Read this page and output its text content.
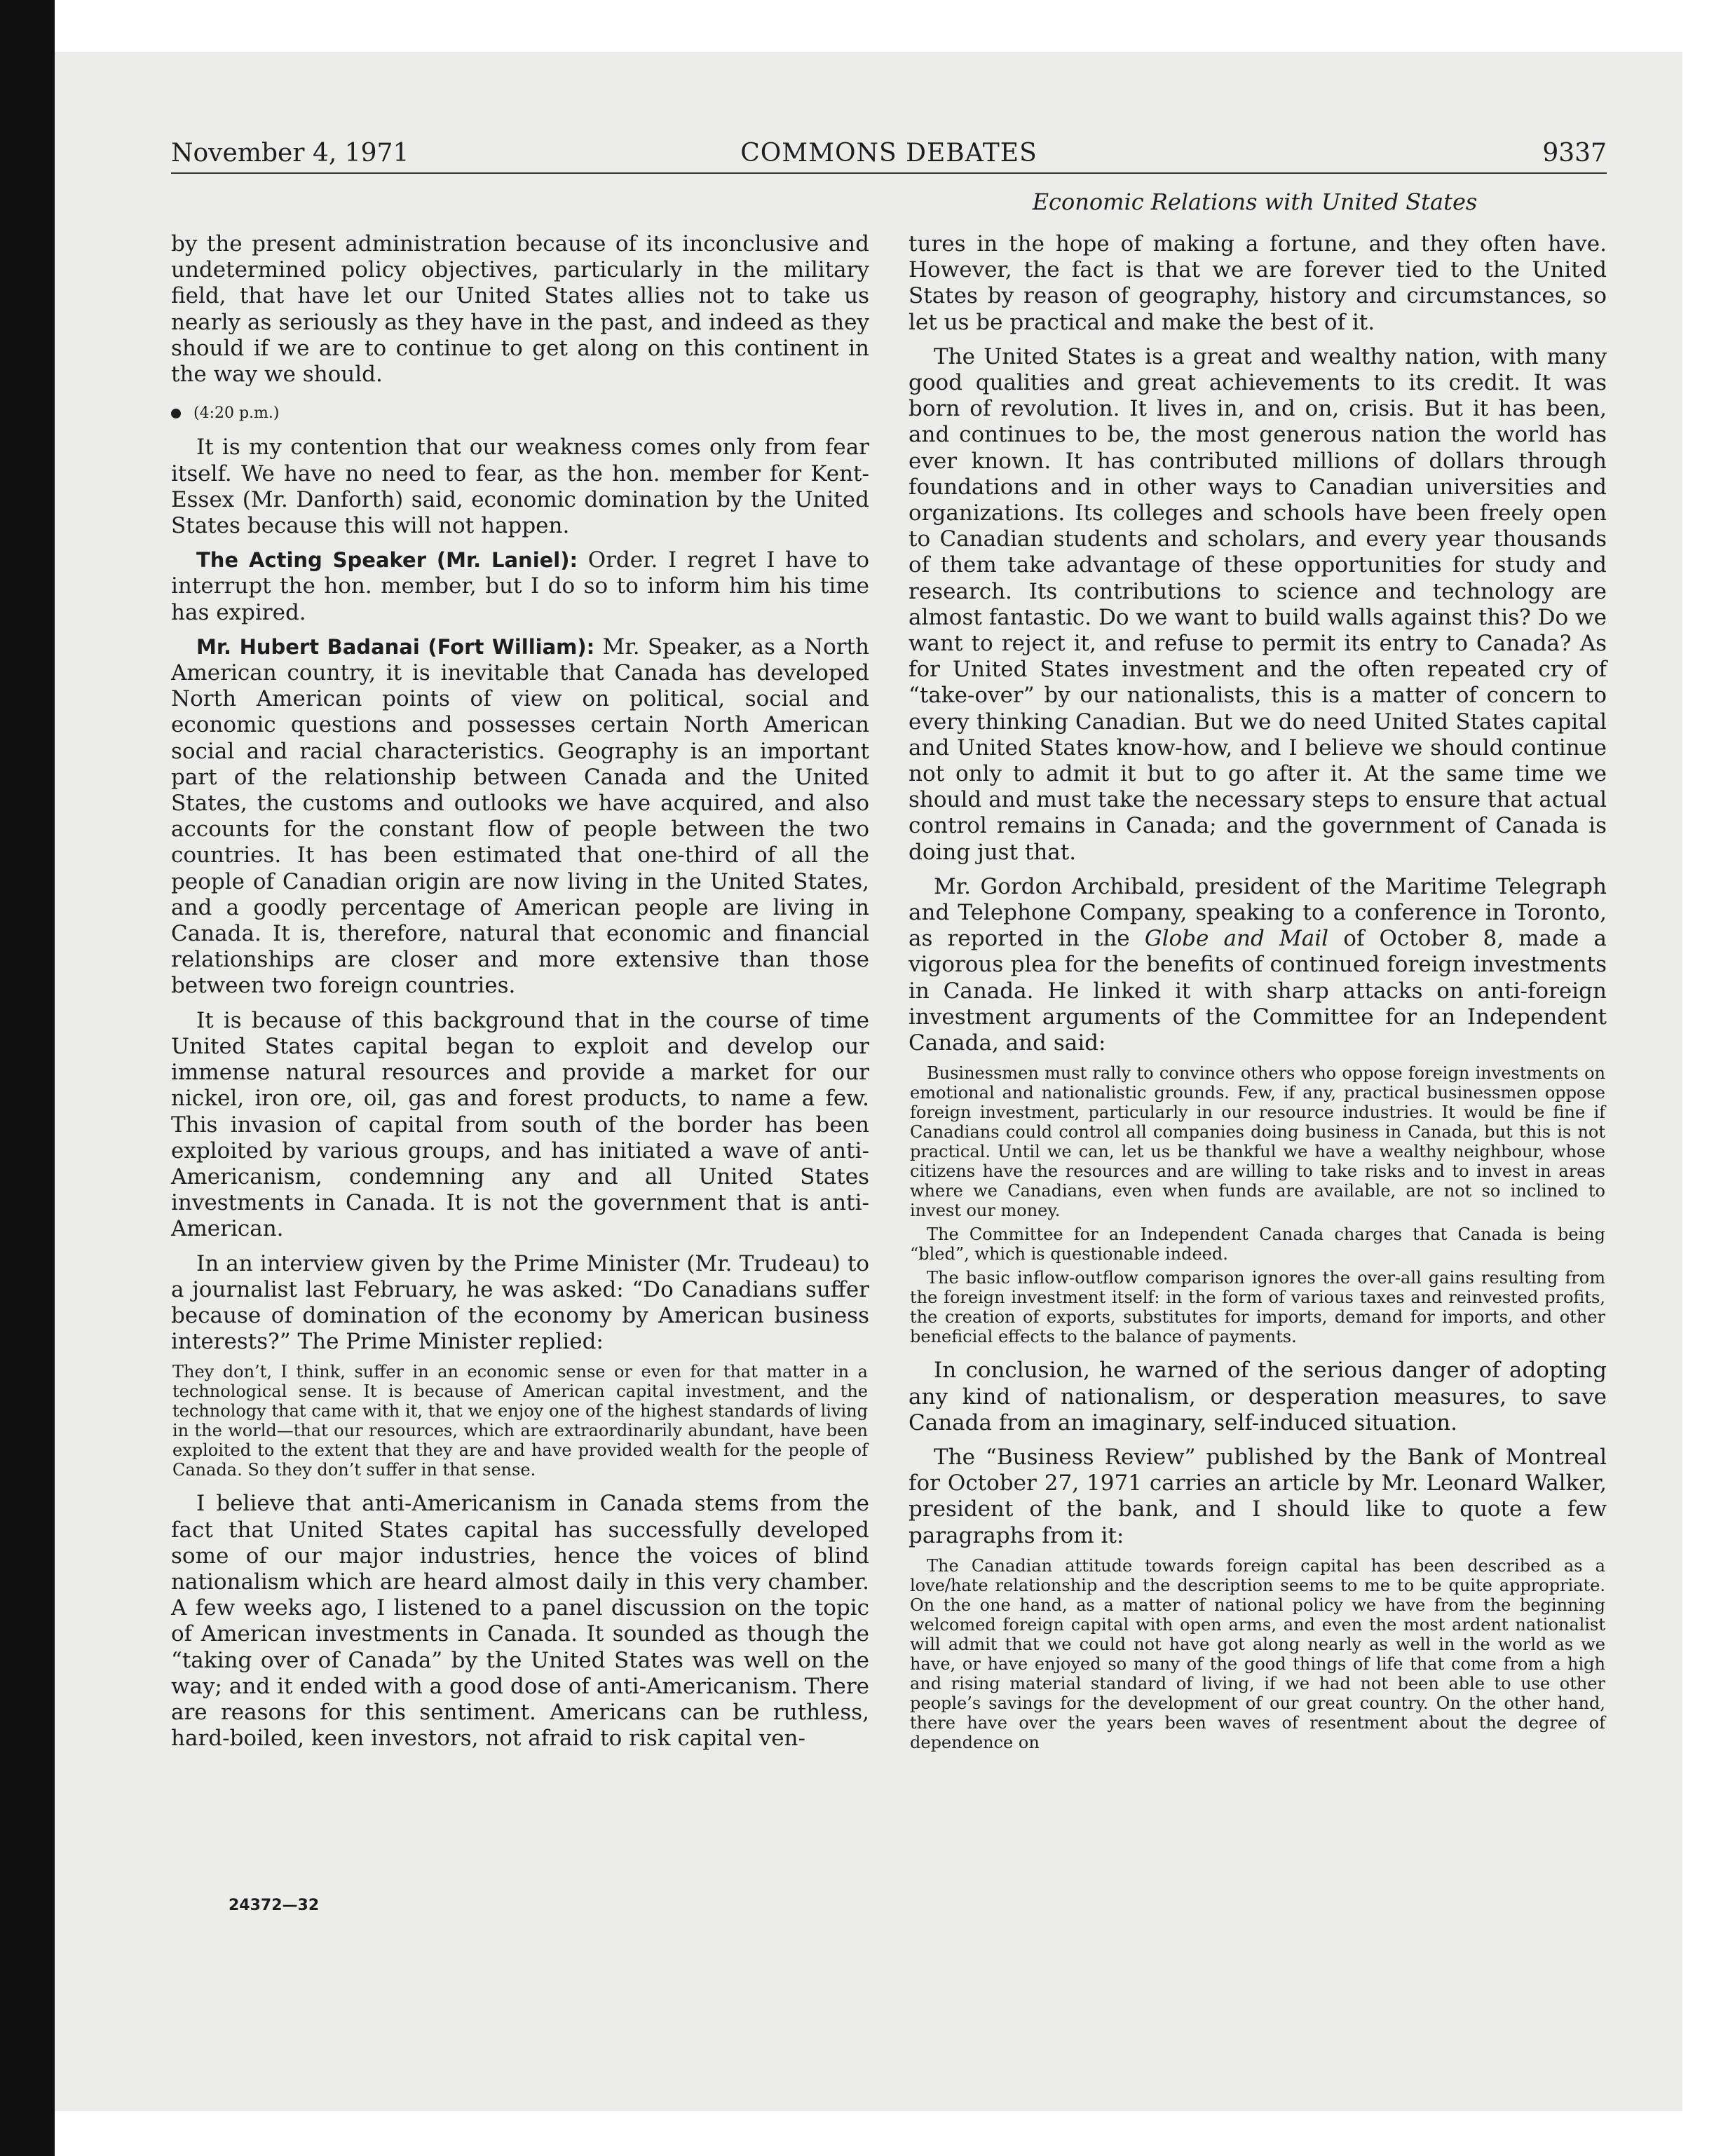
November 4, 1971	COMMONS DEBATES	9337
Economic Relations with United States

by the present administration because of its inconclusive and undetermined policy objectives, particularly in the military field, that have let our United States allies not to take us nearly as seriously as they have in the past, and indeed as they should if we are to continue to get along on this continent in the way we should.

(4:20 p.m.)

It is my contention that our weakness comes only from fear itself. We have no need to fear, as the hon. member for Kent-Essex (Mr. Danforth) said, economic domination by the United States because this will not happen.

The Acting Speaker (Mr. Laniel): Order. I regret I have to interrupt the hon. member, but I do so to inform him his time has expired.

Mr. Hubert Badanai (Fort William): Mr. Speaker, as a North American country, it is inevitable that Canada has developed North American points of view on political, social and economic questions and possesses certain North American social and racial characteristics. Geography is an important part of the relationship between Canada and the United States, the customs and outlooks we have acquired, and also accounts for the constant flow of people between the two countries. It has been estimated that one-third of all the people of Canadian origin are now living in the United States, and a goodly percentage of American people are living in Canada. It is, therefore, natural that economic and financial relationships are closer and more extensive than those between two foreign countries.

It is because of this background that in the course of time United States capital began to exploit and develop our immense natural resources and provide a market for our nickel, iron ore, oil, gas and forest products, to name a few. This invasion of capital from south of the border has been exploited by various groups, and has initiated a wave of anti-Americanism, condemning any and all United States investments in Canada. It is not the government that is anti-American.

In an interview given by the Prime Minister (Mr. Trudeau) to a journalist last February, he was asked: “Do Canadians suffer because of domination of the economy by American business interests?” The Prime Minister replied:

They don’t, I think, suffer in an economic sense or even for that matter in a technological sense. It is because of American capital investment, and the technology that came with it, that we enjoy one of the highest standards of living in the world—that our resources, which are extraordinarily abundant, have been exploited to the extent that they are and have provided wealth for the people of Canada. So they don’t suffer in that sense.

I believe that anti-Americanism in Canada stems from the fact that United States capital has successfully developed some of our major industries, hence the voices of blind nationalism which are heard almost daily in this very chamber. A few weeks ago, I listened to a panel discussion on the topic of American investments in Canada. It sounded as though the “taking over of Canada” by the United States was well on the way; and it ended with a good dose of anti-Americanism. There are reasons for this sentiment. Americans can be ruthless, hard-boiled, keen investors, not afraid to risk capital ven-

tures in the hope of making a fortune, and they often have. However, the fact is that we are forever tied to the United States by reason of geography, history and circumstances, so let us be practical and make the best of it.

The United States is a great and wealthy nation, with many good qualities and great achievements to its credit. It was born of revolution. It lives in, and on, crisis. But it has been, and continues to be, the most generous nation the world has ever known. It has contributed millions of dollars through foundations and in other ways to Canadian universities and organizations. Its colleges and schools have been freely open to Canadian students and scholars, and every year thousands of them take advantage of these opportunities for study and research. Its contributions to science and technology are almost fantastic. Do we want to build walls against this? Do we want to reject it, and refuse to permit its entry to Canada? As for United States investment and the often repeated cry of “take-over” by our nationalists, this is a matter of concern to every thinking Canadian. But we do need United States capital and United States know-how, and I believe we should continue not only to admit it but to go after it. At the same time we should and must take the necessary steps to ensure that actual control remains in Canada; and the government of Canada is doing just that.

Mr. Gordon Archibald, president of the Maritime Telegraph and Telephone Company, speaking to a conference in Toronto, as reported in the Globe and Mail of October 8, made a vigorous plea for the benefits of continued foreign investments in Canada. He linked it with sharp attacks on anti-foreign investment arguments of the Committee for an Independent Canada, and said:

Businessmen must rally to convince others who oppose foreign investments on emotional and nationalistic grounds. Few, if any, practical businessmen oppose foreign investment, particularly in our resource industries. It would be fine if Canadians could control all companies doing business in Canada, but this is not practical. Until we can, let us be thankful we have a wealthy neighbour, whose citizens have the resources and are willing to take risks and to invest in areas where we Canadians, even when funds are available, are not so inclined to invest our money.

The Committee for an Independent Canada charges that Canada is being “bled”, which is questionable indeed.

The basic inflow-outflow comparison ignores the over-all gains resulting from the foreign investment itself: in the form of various taxes and reinvested profits, the creation of exports, substitutes for imports, demand for imports, and other beneficial effects to the balance of payments.

In conclusion, he warned of the serious danger of adopting any kind of nationalism, or desperation measures, to save Canada from an imaginary, self-induced situation.

The “Business Review” published by the Bank of Montreal for October 27, 1971 carries an article by Mr. Leonard Walker, president of the bank, and I should like to quote a few paragraphs from it:

The Canadian attitude towards foreign capital has been described as a love/hate relationship and the description seems to me to be quite appropriate. On the one hand, as a matter of national policy we have from the beginning welcomed foreign capital with open arms, and even the most ardent nationalist will admit that we could not have got along nearly as well in the world as we have, or have enjoyed so many of the good things of life that come from a high and rising material standard of living, if we had not been able to use other people’s savings for the development of our great country. On the other hand, there have over the years been waves of resentment about the degree of dependence on

24372—32
